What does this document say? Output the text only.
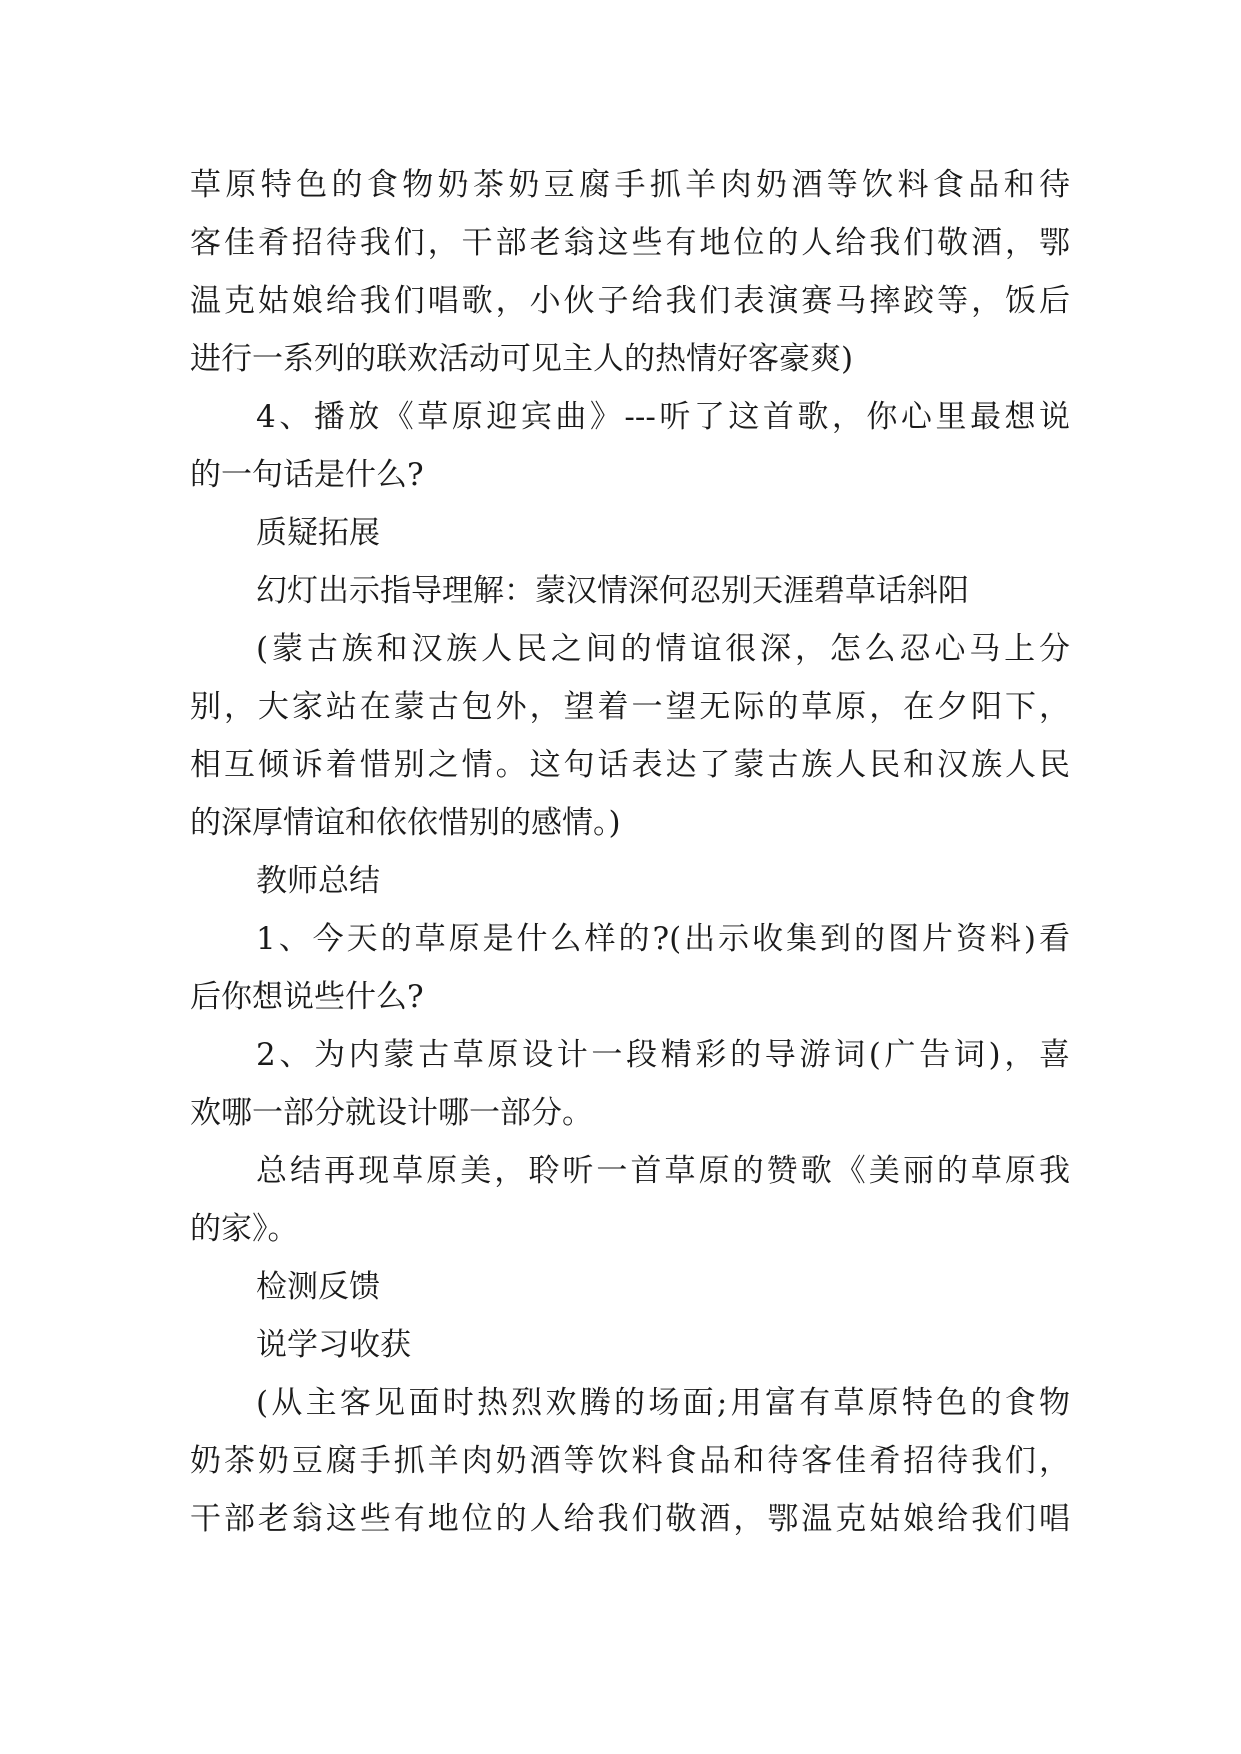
草原特色的食物奶茶奶豆腐手抓羊肉奶酒等饮料食品和待
客佳肴招待我们，干部老翁这些有地位的人给我们敬酒，鄂
温克姑娘给我们唱歌，小伙子给我们表演赛马摔跤等，饭后
进行一系列的联欢活动可见主人的热情好客豪爽)
4、播放《草原迎宾曲》---听了这首歌，你心里最想说
的一句话是什么?
质疑拓展
幻灯出示指导理解：蒙汉情深何忍别天涯碧草话斜阳
(蒙古族和汉族人民之间的情谊很深，怎么忍心马上分
别，大家站在蒙古包外，望着一望无际的草原，在夕阳下，
相互倾诉着惜别之情。这句话表达了蒙古族人民和汉族人民
的深厚情谊和依依惜别的感情。)
教师总结
1、今天的草原是什么样的?(出示收集到的图片资料)看
后你想说些什么?
2、为内蒙古草原设计一段精彩的导游词(广告词)，喜
欢哪一部分就设计哪一部分。
总结再现草原美，聆听一首草原的赞歌《美丽的草原我
的家》。
检测反馈
说学习收获
(从主客见面时热烈欢腾的场面;用富有草原特色的食物
奶茶奶豆腐手抓羊肉奶酒等饮料食品和待客佳肴招待我们，
干部老翁这些有地位的人给我们敬酒，鄂温克姑娘给我们唱
